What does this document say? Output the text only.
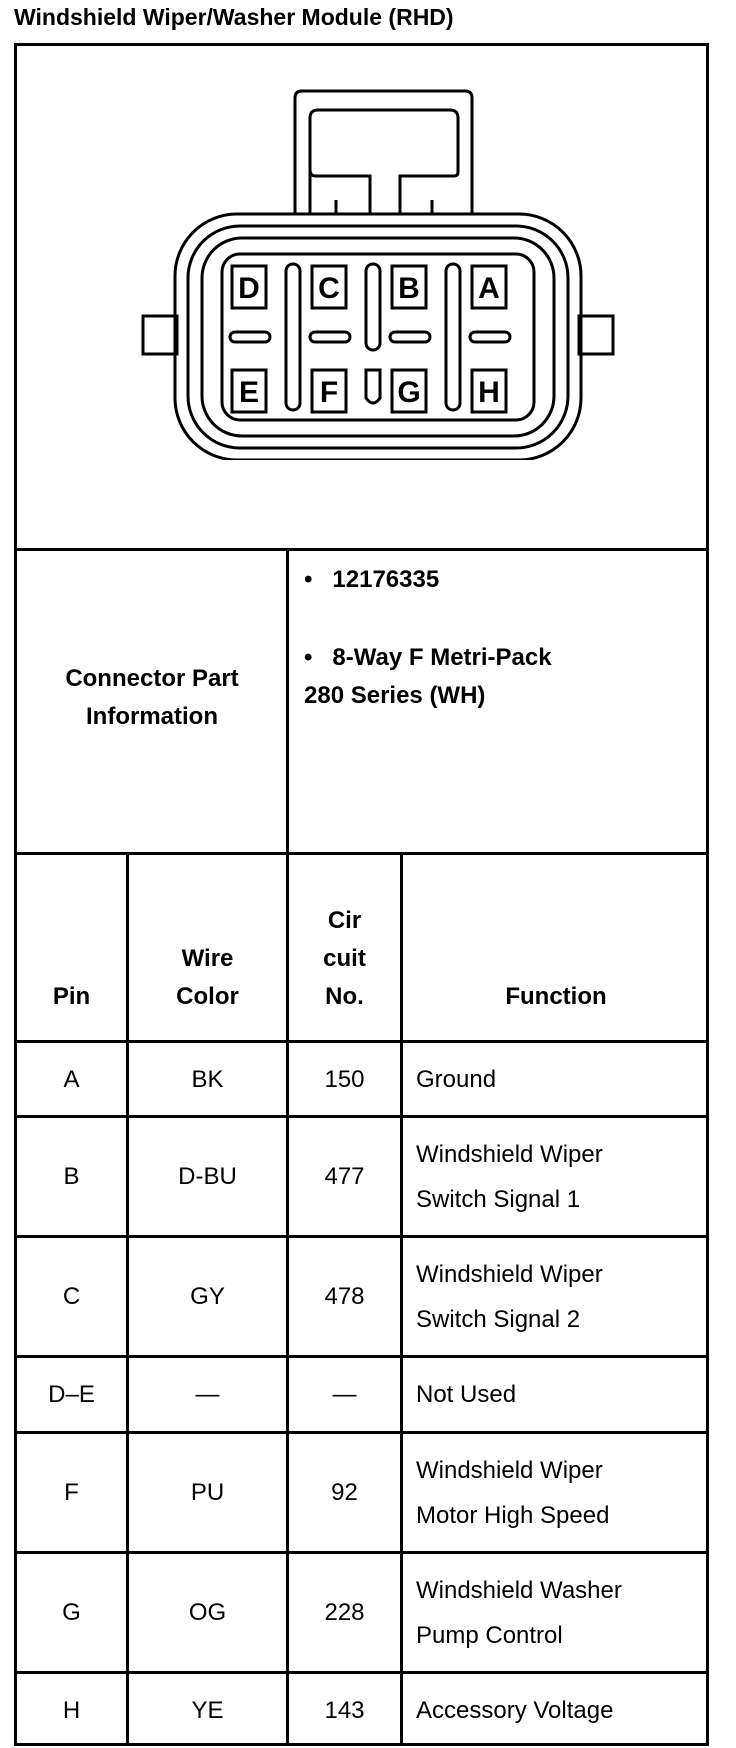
Windshield Wiper/Washer Module (RHD)
D C B A
E F G H
Connector Part
Information
•   12176335
•   8-Way F Metri-Pack
280 Series (WH)
Pin
Wire
Color
Cir
cuit
No.	Function
A	BK	150	Ground
B	D-BU	477
Windshield Wiper
Switch Signal 1
C	GY	478
Windshield Wiper
Switch Signal 2
D–E	—	—	Not Used
F	PU	92
Windshield Wiper
Motor High Speed
G	OG	228
Windshield Washer
Pump Control
H	YE	143	Accessory Voltage
